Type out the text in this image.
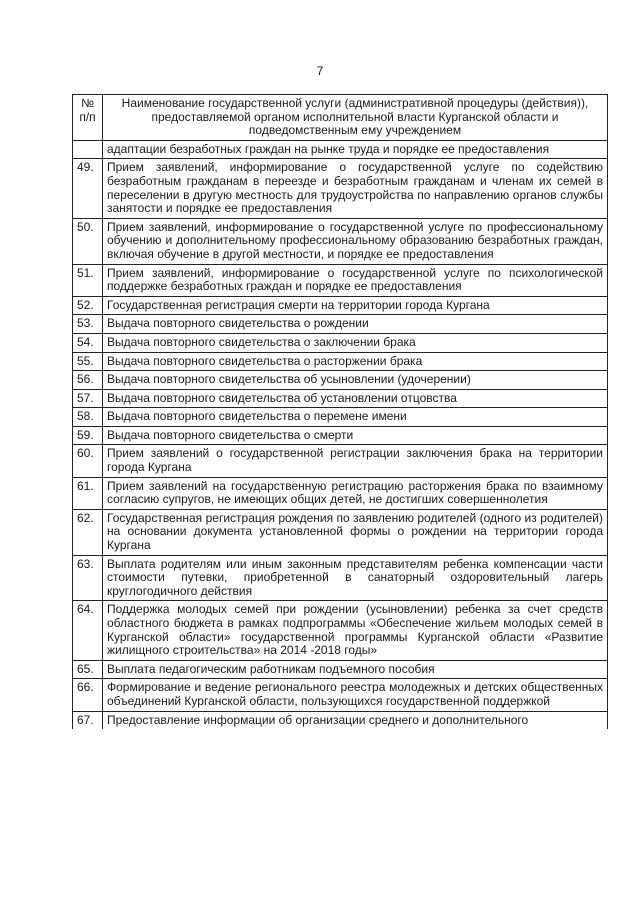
7
№ п/п	Наименование государственной услуги (административной процедуры (действия)), предоставляемой органом исполнительной власти Курганской области и подведомственным ему учреждением
	адаптации безработных граждан на рынке труда и порядке ее предоставления
49.	Прием заявлений, информирование о государственной услуге по содействию безработным гражданам в переезде и безработным гражданам и членам их семей в переселении в другую местность для трудоустройства по направлению органов службы занятости и порядке ее предоставления
50.	Прием заявлений, информирование о государственной услуге по профессиональному обучению и дополнительному профессиональному образованию безработных граждан, включая обучение в другой местности, и порядке ее предоставления
51.	Прием заявлений, информирование о государственной услуге по психологической поддержке безработных граждан и порядке ее предоставления
52.	Государственная регистрация смерти на территории города Кургана
53.	Выдача повторного свидетельства о рождении
54.	Выдача повторного свидетельства о заключении брака
55.	Выдача повторного свидетельства о расторжении брака
56.	Выдача повторного свидетельства об усыновлении (удочерении)
57.	Выдача повторного свидетельства об установлении отцовства
58.	Выдача повторного свидетельства о перемене имени
59.	Выдача повторного свидетельства о смерти
60.	Прием заявлений о государственной регистрации заключения брака на территории города Кургана
61.	Прием заявлений на государственную регистрацию расторжения брака по взаимному согласию супругов, не имеющих общих детей, не достигших совершеннолетия
62.	Государственная регистрация рождения по заявлению родителей (одного из родителей) на основании документа установленной формы о рождении на территории города Кургана
63.	Выплата родителям или иным законным представителям ребенка компенсации части стоимости путевки, приобретенной в санаторный оздоровительный лагерь круглогодичного действия
64.	Поддержка молодых семей при рождении (усыновлении) ребенка за счет средств областного бюджета в рамках подпрограммы «Обеспечение жильем молодых семей в Курганской области» государственной программы Курганской области «Развитие жилищного строительства» на 2014 -2018 годы»
65.	Выплата педагогическим работникам подъемного пособия
66.	Формирование и ведение регионального реестра молодежных и детских общественных объединений Курганской области, пользующихся государственной поддержкой
67.	Предоставление информации об организации среднего и дополнительного
